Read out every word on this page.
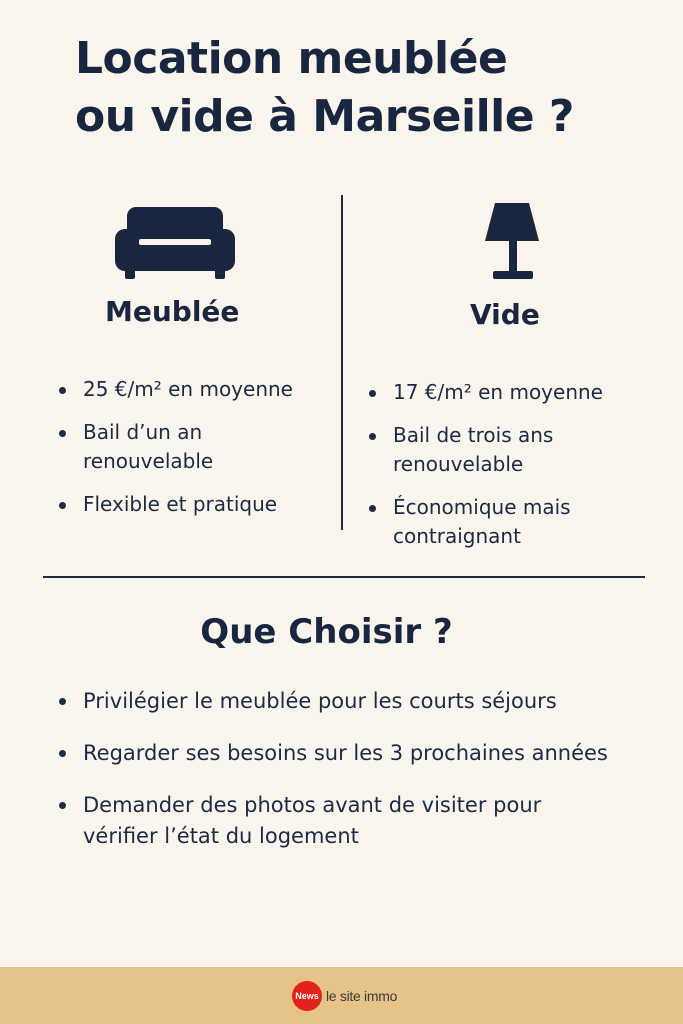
Location meublée
ou vide à Marseille ?
Meublée
25 €/m² en moyenne
Bail d’un an renouvelable
Flexible et pratique
Vide
17 €/m² en moyenne
Bail de trois ans renouvelable
Économique mais contraignant
Que Choisir ?
Privilégier le meublée pour les courts séjours
Regarder ses besoins sur les 3 prochaines années
Demander des photos avant de visiter pour vérifier l’état du logement
News le site immo
